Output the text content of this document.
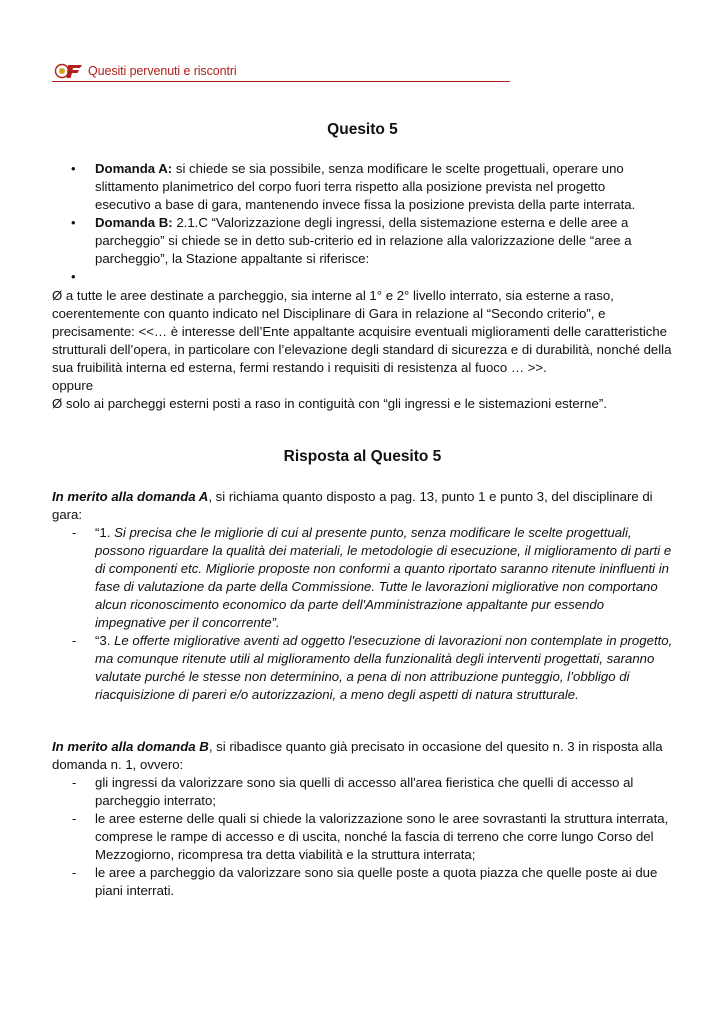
Quesiti pervenuti e riscontri
Quesito 5
• Domanda A: si chiede se sia possibile, senza modificare le scelte progettuali, operare uno slittamento planimetrico del corpo fuori terra rispetto alla posizione prevista nel progetto esecutivo a base di gara, mantenendo invece fissa la posizione prevista della parte interrata.
• Domanda B: 2.1.C “Valorizzazione degli ingressi, della sistemazione esterna e delle aree a parcheggio” si chiede se in detto sub-criterio ed in relazione alla valorizzazione delle “aree a parcheggio”, la Stazione appaltante si riferisce:
•

Ø a tutte le aree destinate a parcheggio, sia interne al 1° e 2° livello interrato, sia esterne a raso, coerentemente con quanto indicato nel Disciplinare di Gara in relazione al “Secondo criterio”, e precisamente: <<… è interesse dell’Ente appaltante acquisire eventuali miglioramenti delle caratteristiche strutturali dell’opera, in particolare con l’elevazione degli standard di sicurezza e di durabilità, nonché della sua fruibilità interna ed esterna, fermi restando i requisiti di resistenza al fuoco … >>.
oppure
Ø solo ai parcheggi esterni posti a raso in contiguità con “gli ingressi e le sistemazioni esterne”.
Risposta al Quesito 5
In merito alla domanda A, si richiama quanto disposto a pag. 13, punto 1 e punto 3, del disciplinare di gara:
- “1. Si precisa che le migliorie di cui al presente punto, senza modificare le scelte progettuali, possono riguardare la qualità dei materiali, le metodologie di esecuzione, il miglioramento di parti e di componenti etc. Migliorie proposte non conformi a quanto riportato saranno ritenute ininfluenti in fase di valutazione da parte della Commissione. Tutte le lavorazioni migliorative non comportano alcun riconoscimento economico da parte dell'Amministrazione appaltante pur essendo impegnative per il concorrente”.
- “3. Le offerte migliorative aventi ad oggetto l'esecuzione di lavorazioni non contemplate in progetto, ma comunque ritenute utili al miglioramento della funzionalità degli interventi progettati, saranno valutate purché le stesse non determinino, a pena di non attribuzione punteggio, l’obbligo di riacquisizione di pareri e/o autorizzazioni, a meno degli aspetti di natura strutturale.
In merito alla domanda B, si ribadisce quanto già precisato in occasione del quesito n. 3 in risposta alla domanda n. 1, ovvero:
- gli ingressi da valorizzare sono sia quelli di accesso all'area fieristica che quelli di accesso al parcheggio interrato;
- le aree esterne delle quali si chiede la valorizzazione sono le aree sovrastanti la struttura interrata, comprese le rampe di accesso e di uscita, nonché la fascia di terreno che corre lungo Corso del Mezzogiorno, ricompresa tra detta viabilità e la struttura interrata;
- le aree a parcheggio da valorizzare sono sia quelle poste a quota piazza che quelle poste ai due piani interrati.
